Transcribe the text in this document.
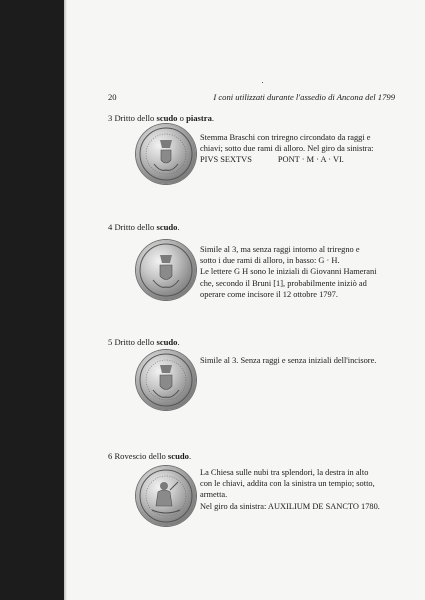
20	I coni utilizzati durante l'assedio di Ancona del 1799
3 Dritto dello scudo o piastra.
Stemma Braschi con triregno circondato da raggi e
chiavi; sotto due rami di alloro. Nel giro da sinistra:
PIVS SEXTVS	PONT · M · A · VI.
4 Dritto dello scudo.
Simile al 3, ma senza raggi intorno al triregno e
sotto i due rami di alloro, in basso: G · H.
Le lettere G H sono le iniziali di Giovanni Hamerani
che, secondo il Bruni [1], probabilmente iniziò ad
operare come incisore il 12 ottobre 1797.
5 Dritto dello scudo.
Simile al 3. Senza raggi e senza iniziali dell'incisore.
6 Rovescio dello scudo.
La Chiesa sulle nubi tra splendori, la destra in alto
con le chiavi, addita con la sinistra un tempio; sotto,
armetta.
Nel giro da sinistra: AUXILIUM DE SANCTO 1780.
